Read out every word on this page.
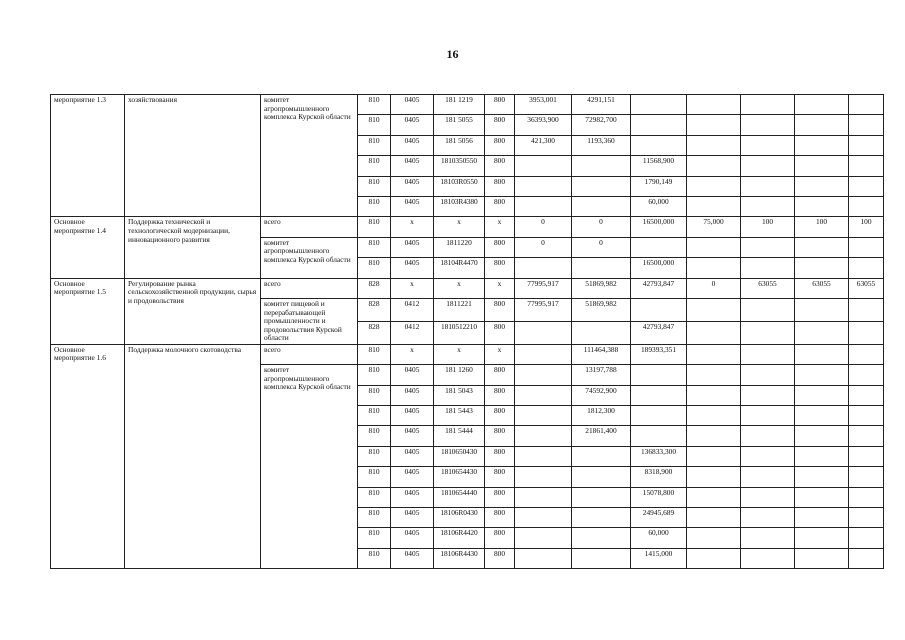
16
мероприятие 1.3	хозяйствования	комитет агропромышленного комплекса Курской области	810	0405	181 1219	800	3953,001	4291,151					
			810	0405	181 5055	800	36393,900	72982,700					
			810	0405	181 5056	800	421,300	1193,360					
			810	0405	1810350550	800			11568,900				
			810	0405	18103R0550	800			1790,149				
			810	0405	18103R4380	800			60,000				
Основное мероприятие 1.4	Поддержка технической и технологической модернизации, инновационного развития	всего	810	x	x	x	0	0	16500,000	75,000	100	100	100
		комитет агропромышленного комплекса Курской области	810	0405	1811220	800	0	0					
			810	0405	18104R4470	800			16500,000				
Основное мероприятие 1.5	Регулирование рынка сельскохозяйственной продукции, сырья и продовольствия	всего	828	x	x	x	77995,917	51869,982	42793,847	0	63055	63055	63055
		комитет пищевой и перерабатывающей промышленности и продовольствия Курской области	828	0412	1811221	800	77995,917	51869,982					
			828	0412	1810512210	800			42793,847				
Основное мероприятие 1.6	Поддержка молочного скотоводства	всего	810	x	x	x		111464,388	189393,351				
		комитет агропромышленного комплекса Курской области	810	0405	181 1260	800		13197,788					
			810	0405	181 5043	800		74592,900					
			810	0405	181 5443	800		1812,300					
			810	0405	181 5444	800		21861,400					
			810	0405	1810650430	800			136833,300				
			810	0405	1810654430	800			8318,900				
			810	0405	1810654440	800			15078,800				
			810	0405	18106R0430	800			24945,689				
			810	0405	18106R4420	800			60,000				
			810	0405	18106R4430	800			1415,000				
